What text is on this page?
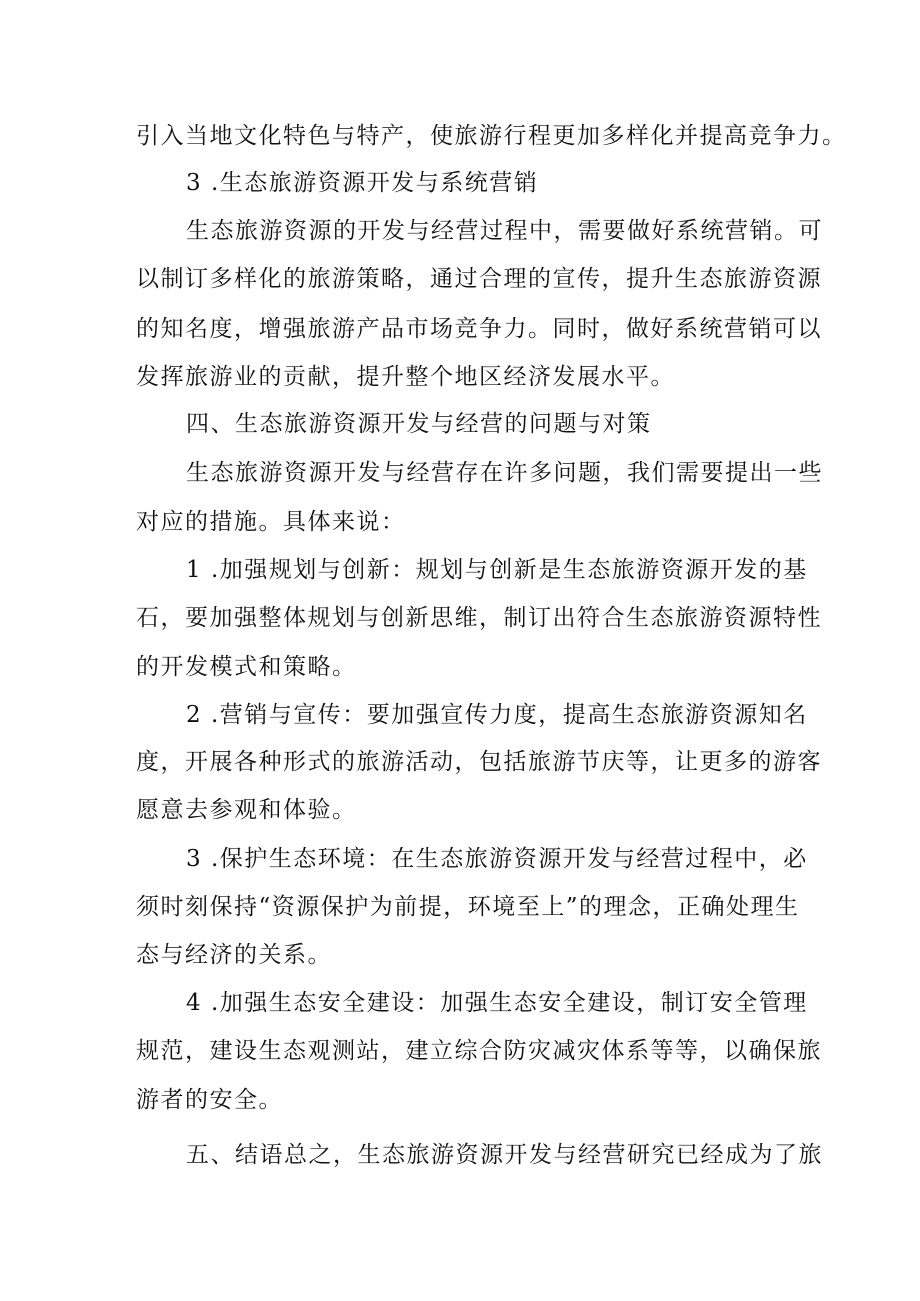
引入当地文化特色与特产，使旅游行程更加多样化并提高竞争力。
3 .生态旅游资源开发与系统营销
生态旅游资源的开发与经营过程中，需要做好系统营销。可
以制订多样化的旅游策略，通过合理的宣传，提升生态旅游资源
的知名度，增强旅游产品市场竞争力。同时，做好系统营销可以
发挥旅游业的贡献，提升整个地区经济发展水平。
四、生态旅游资源开发与经营的问题与对策
生态旅游资源开发与经营存在许多问题，我们需要提出一些
对应的措施。具体来说：
1 .加强规划与创新：规划与创新是生态旅游资源开发的基
石，要加强整体规划与创新思维，制订出符合生态旅游资源特性
的开发模式和策略。
2 .营销与宣传：要加强宣传力度，提高生态旅游资源知名
度，开展各种形式的旅游活动，包括旅游节庆等，让更多的游客
愿意去参观和体验。
3 .保护生态环境：在生态旅游资源开发与经营过程中，必
须时刻保持“资源保护为前提，环境至上”的理念，正确处理生
态与经济的关系。
4 .加强生态安全建设：加强生态安全建设，制订安全管理
规范，建设生态观测站，建立综合防灾减灾体系等等，以确保旅
游者的安全。
五、结语总之，生态旅游资源开发与经营研究已经成为了旅
